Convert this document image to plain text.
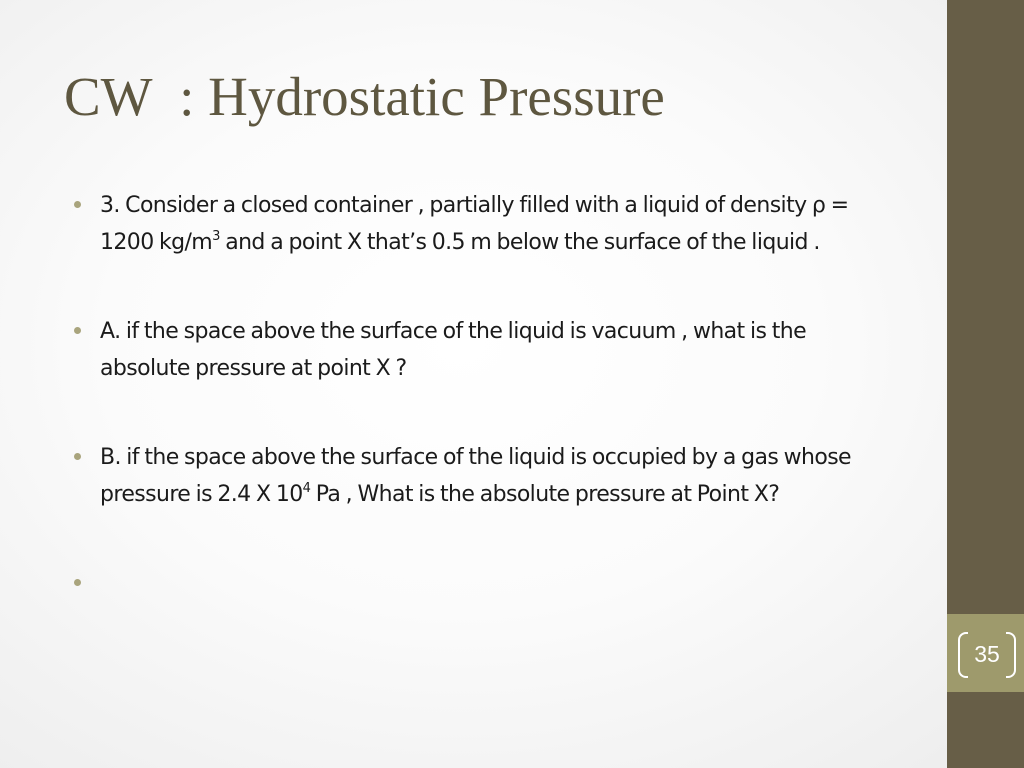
CW  : Hydrostatic Pressure
3. Consider a closed container , partially filled with a liquid of density ρ = 1200 $kg/m^3$ and a point X that’s 0.5 m below the surface of the liquid .
A. if the space above the surface of the liquid is vacuum , what is the absolute pressure at point X ?
B. if the space above the surface of the liquid is occupied by a gas whose pressure is 2.4 X $10^4$ Pa , What is the absolute pressure at Point X?
35
